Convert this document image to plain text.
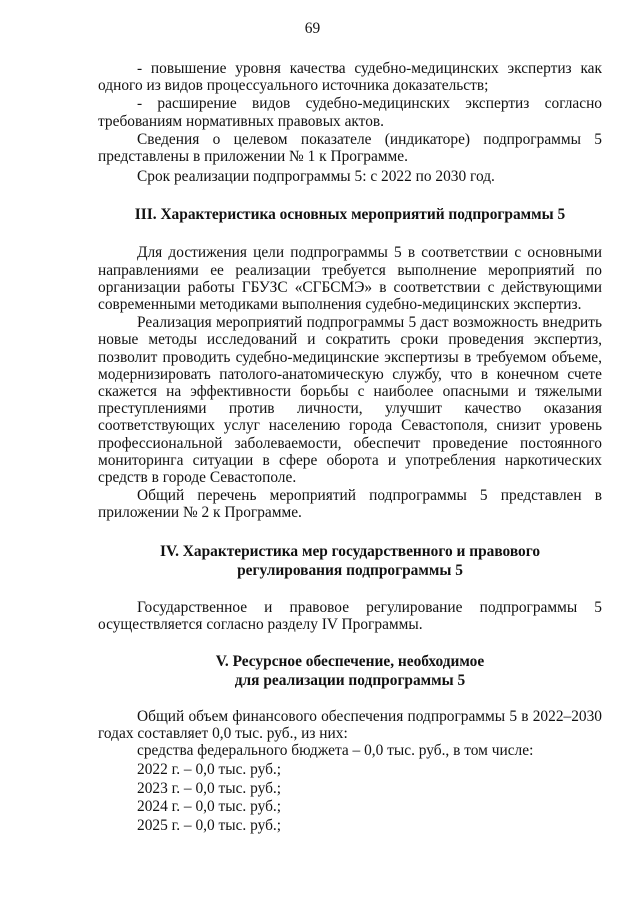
69

- повышение уровня качества судебно-медицинских экспертиз как одного из видов процессуального источника доказательств;

- расширение видов судебно-медицинских экспертиз согласно требованиям нормативных правовых актов.

Сведения о целевом показателе (индикаторе) подпрограммы 5 представлены в приложении № 1 к Программе.

Срок реализации подпрограммы 5: с 2022 по 2030 год.

III. Характеристика основных мероприятий подпрограммы 5

Для достижения цели подпрограммы 5 в соответствии с основными направлениями ее реализации требуется выполнение мероприятий по организации работы ГБУЗС «СГБСМЭ» в соответствии с действующими современными методиками выполнения судебно-медицинских экспертиз.

Реализация мероприятий подпрограммы 5 даст возможность внедрить новые методы исследований и сократить сроки проведения экспертиз, позволит проводить судебно-медицинские экспертизы в требуемом объеме, модернизировать патолого-анатомическую службу, что в конечном счете скажется на эффективности борьбы с наиболее опасными и тяжелыми преступлениями против личности, улучшит качество оказания соответствующих услуг населению города Севастополя, снизит уровень профессиональной заболеваемости, обеспечит проведение постоянного мониторинга ситуации в сфере оборота и употребления наркотических средств в городе Севастополе.

Общий перечень мероприятий подпрограммы 5 представлен в приложении № 2 к Программе.

IV. Характеристика мер государственного и правового
регулирования подпрограммы 5

Государственное и правовое регулирование подпрограммы 5 осуществляется согласно разделу IV Программы.

V. Ресурсное обеспечение, необходимое
для реализации подпрограммы 5

Общий объем финансового обеспечения подпрограммы 5 в 2022–2030 годах составляет 0,0 тыс. руб., из них:

средства федерального бюджета – 0,0 тыс. руб., в том числе:

2022 г. – 0,0 тыс. руб.;

2023 г. – 0,0 тыс. руб.;

2024 г. – 0,0 тыс. руб.;

2025 г. – 0,0 тыс. руб.;
